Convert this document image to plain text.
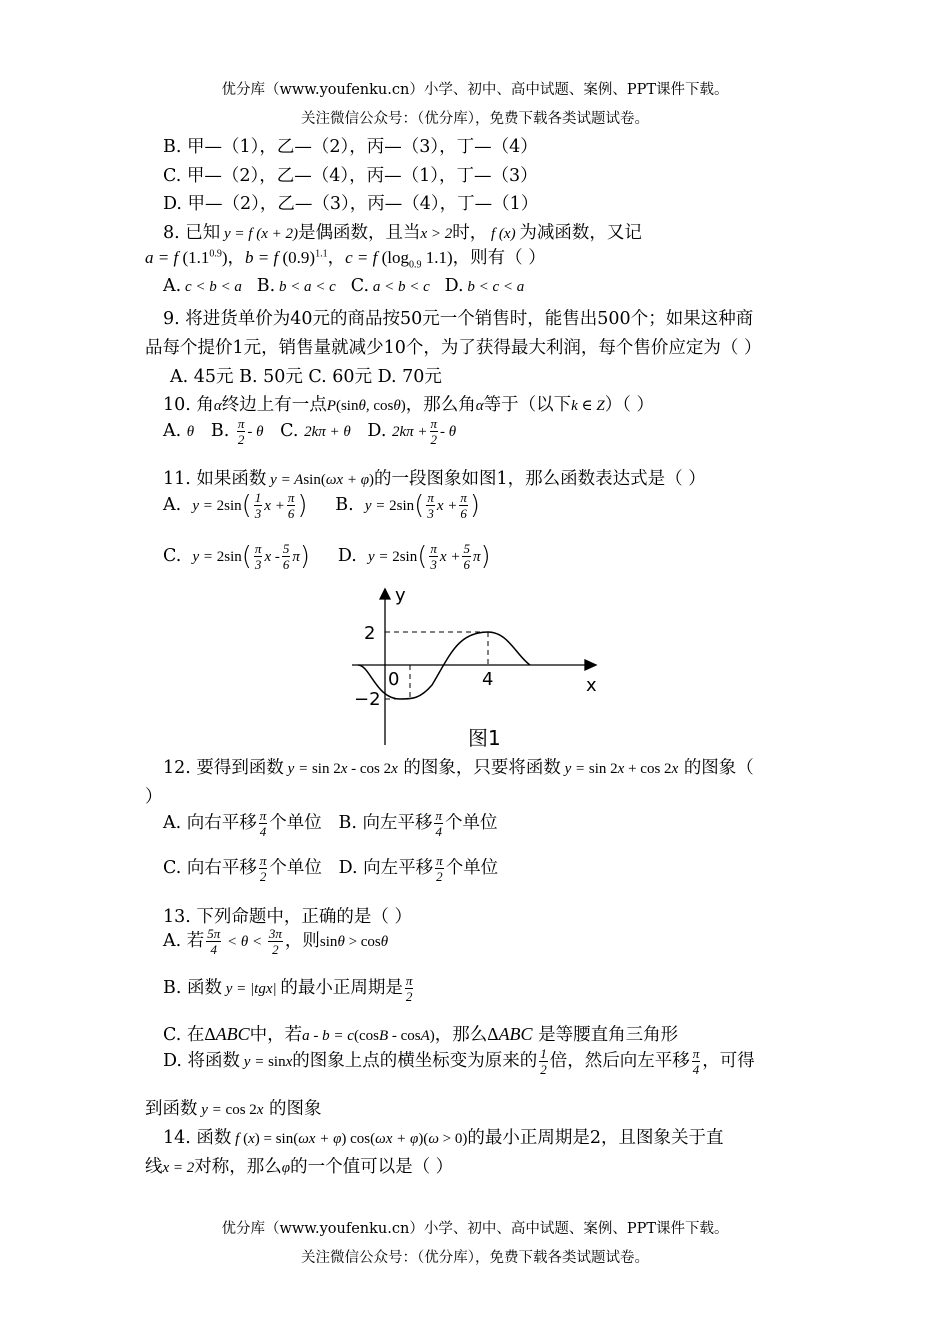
优分库（www.youfenku.cn）小学、初中、高中试题、案例、PPT课件下载。
关注微信公众号：（优分库），免费下载各类试题试卷。
B. 甲—（1），乙—（2），丙—（3），丁—（4）
C. 甲—（2），乙—（4），丙—（1），丁—（3）
D. 甲—（2），乙—（3），丙—（4），丁—（1）
8. 已知 y = f (x + 2)是偶函数，且当x > 2时， f (x) 为减函数，又记
a = f $(1.1^{0.9})$，b = f $(0.9)^{1.1}$，c = f ($\log_{0.9}$ 1.1)，则有（ ）
A. c < b < a   B. b < a < c   C. a < b < c   D. b < c < a
9. 将进货单价为40元的商品按50元一个销售时，能售出500个；如果这种商
品每个提价1元，销售量就减少10个，为了获得最大利润，每个售价应定为（ ）
A. 45元 B. 50元 C. 60元 D. 70元
10. 角α终边上有一点P(sinθ, cosθ)，那么角α等于（以下k ∈ Z）（ ）
A. θ   B. $\frac{\pi}{2}$ - θ   C. 2kπ + θ   D. $2k\pi + \frac{\pi}{2} - \theta$
11. 如果函数 y = Asin(ωx + φ)的一段图象如图1，那么函数表达式是（ ）
A.  $y = 2\sin( \frac{1}{3}$ $x + \frac{\pi}{6}$ )     B.  $y = 2\sin( \frac{\pi}{3}$ $x + \frac{\pi}{6}$ )
C.  $y = 2\sin( \frac{\pi}{3}$ x - $\frac{5}{6} \pi$)     D.  $y = 2\sin( \frac{\pi}{3}$ $x + \frac{5}{6} \pi$)
y
x
2
−2
0	4
图1
12. 要得到函数 y = sin 2x - cos 2x 的图象，只要将函数 y = sin 2x + cos 2x 的图象（
）
A. 向右平移 $\frac{\pi}{4}$ 个单位 B. 向左平移 $\frac{\pi}{4}$ 个单位
C. 向右平移 $\frac{\pi}{2}$ 个单位 D. 向左平移 $\frac{\pi}{2}$ 个单位
13. 下列命题中，正确的是（ ）
A. 若 $\frac{5\pi}{4} < \theta < \frac{3\pi}{2}$ ，则sinθ > cosθ
B. 函数 y = |tgx| 的最小正周期是 $\frac{\pi}{2}$
C. 在ΔABC中，若a - b = c(cosB - cosA)，那么ΔABC 是等腰直角三角形
D. 将函数 y = sinx的图象上点的横坐标变为原来的 $\frac{1}{2}$ 倍，然后向左平移 $\frac{\pi}{4}$ ，可得
到函数 y = cos 2x 的图象
14. 函数 f (x) = sin(ωx + φ) cos(ωx + φ)(ω > 0)的最小正周期是2，且图象关于直
线x = 2对称，那么φ的一个值可以是（ ）
优分库（www.youfenku.cn）小学、初中、高中试题、案例、PPT课件下载。
关注微信公众号：（优分库），免费下载各类试题试卷。
